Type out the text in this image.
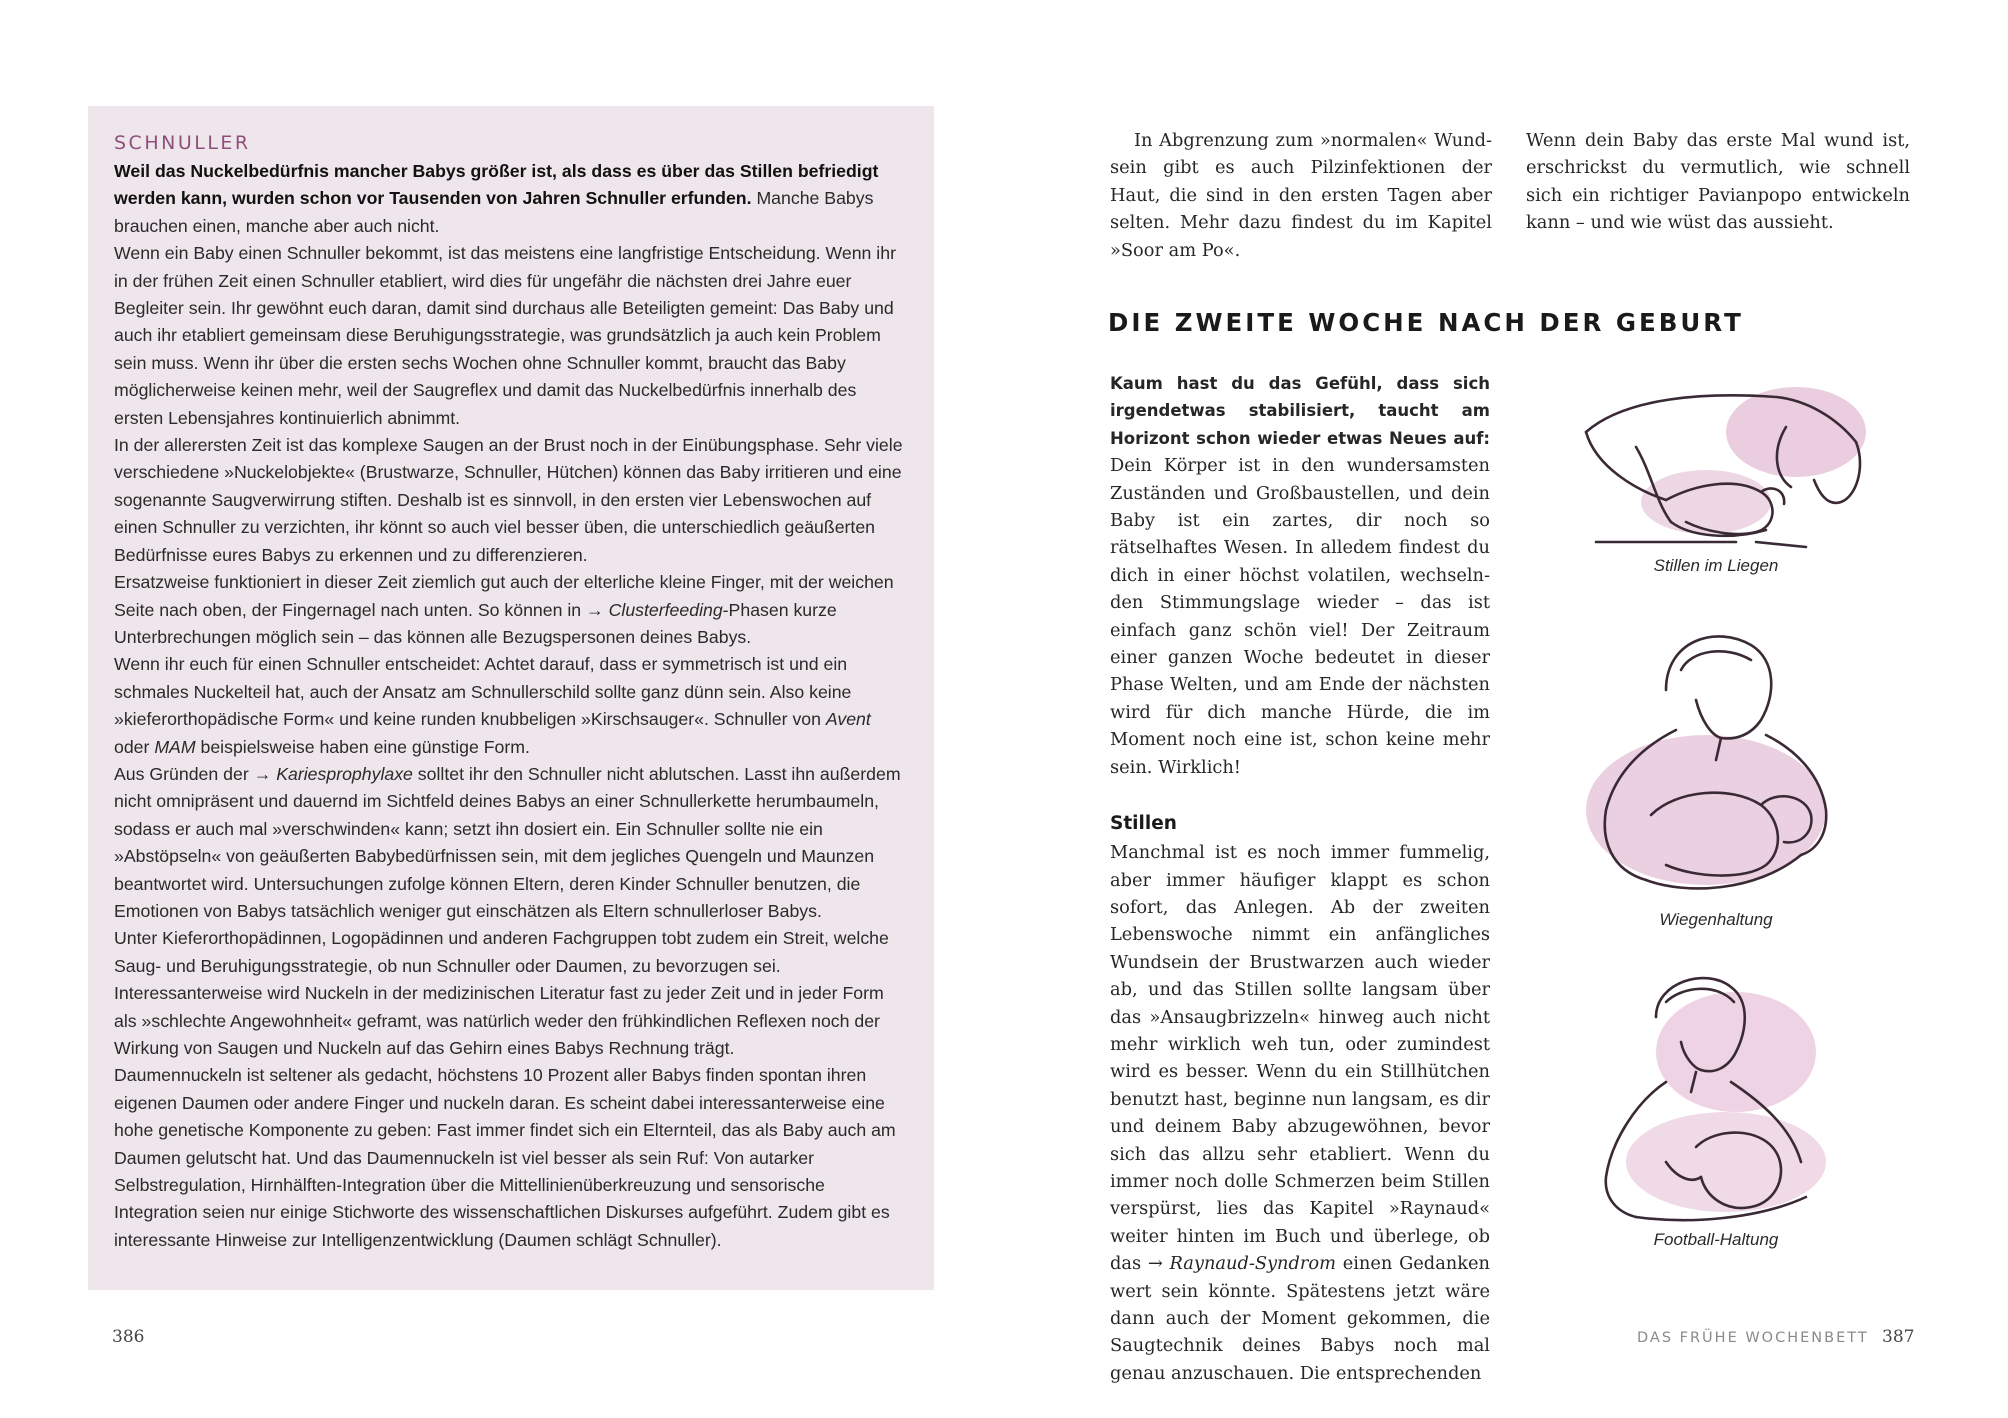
SCHNULLER

Weil das Nuckelbedürfnis mancher Babys größer ist, als dass es über das Stillen befriedigt werden kann, wurden schon vor Tausenden von Jahren Schnuller erfunden. Manche Babys brauchen einen, manche aber auch nicht.

Wenn ein Baby einen Schnuller bekommt, ist das meistens eine langfristige Entscheidung. Wenn ihr in der frühen Zeit einen Schnuller etabliert, wird dies für ungefähr die nächsten drei Jahre euer Begleiter sein. Ihr gewöhnt euch daran, damit sind durchaus alle Beteiligten gemeint: Das Baby und auch ihr etabliert gemeinsam diese Beruhigungsstrategie, was grundsätzlich ja auch kein Problem sein muss. Wenn ihr über die ersten sechs Wochen ohne Schnuller kommt, braucht das Baby möglicherweise keinen mehr, weil der Saugreflex und damit das Nuckelbedürfnis innerhalb des ersten Lebensjahres kontinuierlich abnimmt.

In der allerersten Zeit ist das komplexe Saugen an der Brust noch in der Einübungsphase. Sehr viele verschiedene »Nuckelobjekte« (Brustwarze, Schnuller, Hütchen) können das Baby irritieren und eine sogenannte Saugverwirrung stiften. Deshalb ist es sinnvoll, in den ersten vier Lebenswochen auf einen Schnuller zu verzichten, ihr könnt so auch viel besser üben, die unterschiedlich geäußerten Bedürfnisse eures Babys zu erkennen und zu differenzieren.

Ersatzweise funktioniert in dieser Zeit ziemlich gut auch der elterliche kleine Finger, mit der weichen Seite nach oben, der Fingernagel nach unten. So können in → Clusterfeeding-Phasen kurze Unterbrechungen möglich sein – das können alle Bezugspersonen deines Babys.

Wenn ihr euch für einen Schnuller entscheidet: Achtet darauf, dass er symmetrisch ist und ein schmales Nuckelteil hat, auch der Ansatz am Schnullerschild sollte ganz dünn sein. Also keine »kieferorthopädische Form« und keine runden knubbeligen »Kirschsauger«. Schnuller von Avent oder MAM beispielsweise haben eine günstige Form.

Aus Gründen der → Kariesprophylaxe solltet ihr den Schnuller nicht ablutschen. Lasst ihn außerdem nicht omnipräsent und dauernd im Sichtfeld deines Babys an einer Schnullerkette herumbaumeln, sodass er auch mal »verschwinden« kann; setzt ihn dosiert ein. Ein Schnuller sollte nie ein »Abstöpseln« von geäußerten Babybedürfnissen sein, mit dem jegliches Quengeln und Maunzen beantwortet wird. Untersuchungen zufolge können Eltern, deren Kinder Schnuller benutzen, die Emotionen von Babys tatsächlich weniger gut einschätzen als Eltern schnullerloser Babys.

Unter Kieferorthopädinnen, Logopädinnen und anderen Fachgruppen tobt zudem ein Streit, welche Saug- und Beruhigungsstrategie, ob nun Schnuller oder Daumen, zu bevorzugen sei. Interessanterweise wird Nuckeln in der medizinischen Literatur fast zu jeder Zeit und in jeder Form als »schlechte Angewohnheit« geframt, was natürlich weder den frühkindlichen Reflexen noch der Wirkung von Saugen und Nuckeln auf das Gehirn eines Babys Rechnung trägt.

Daumennuckeln ist seltener als gedacht, höchstens 10 Prozent aller Babys finden spontan ihren eigenen Daumen oder andere Finger und nuckeln daran. Es scheint dabei interessanterweise eine hohe genetische Komponente zu geben: Fast immer findet sich ein Elternteil, das als Baby auch am Daumen gelutscht hat. Und das Daumennuckeln ist viel besser als sein Ruf: Von autarker Selbstregulation, Hirnhälften-Integration über die Mittellinienüberkreuzung und sensorische Integration seien nur einige Stichworte des wissenschaftlichen Diskurses aufgeführt. Zudem gibt es interessante Hinweise zur Intelligenzentwicklung (Daumen schlägt Schnuller).

386

In Abgrenzung zum »normalen« Wundsein gibt es auch Pilzinfektionen der Haut, die sind in den ersten Tagen aber selten. Mehr dazu findest du im Kapitel »Soor am Po«.

Wenn dein Baby das erste Mal wund ist, erschrickst du vermutlich, wie schnell sich ein richtiger Pavianpopo entwickeln kann – und wie wüst das aussieht.

DIE ZWEITE WOCHE NACH DER GEBURT

Kaum hast du das Gefühl, dass sich irgendetwas stabilisiert, taucht am Horizont schon wieder etwas Neues auf: Dein Körper ist in den wundersamsten Zuständen und Großbaustellen, und dein Baby ist ein zartes, dir noch so rätselhaftes Wesen. In alledem findest du dich in einer höchst volatilen, wechselnden Stimmungslage wieder – das ist einfach ganz schön viel! Der Zeitraum einer ganzen Woche bedeutet in dieser Phase Welten, und am Ende der nächsten wird für dich manche Hürde, die im Moment noch eine ist, schon keine mehr sein. Wirklich!

Stillen

Manchmal ist es noch immer fummelig, aber immer häufiger klappt es schon sofort, das Anlegen. Ab der zweiten Lebenswoche nimmt ein anfängliches Wundsein der Brustwarzen auch wieder ab, und das Stillen sollte langsam über das »Ansaugbrizzeln« hinweg auch nicht mehr wirklich weh tun, oder zumindest wird es besser. Wenn du ein Stillhütchen benutzt hast, beginne nun langsam, es dir und deinem Baby abzugewöhnen, bevor sich das allzu sehr etabliert. Wenn du immer noch dolle Schmerzen beim Stillen verspürst, lies das Kapitel »Raynaud« weiter hinten im Buch und überlege, ob das → Raynaud-Syndrom einen Gedanken wert sein könnte. Spätestens jetzt wäre dann auch der Moment gekommen, die Saugtechnik deines Babys noch mal genau anzuschauen. Die entsprechenden

Stillen im Liegen
Wiegenhaltung
Football-Haltung
DAS FRÜHE WOCHENBETT 387
